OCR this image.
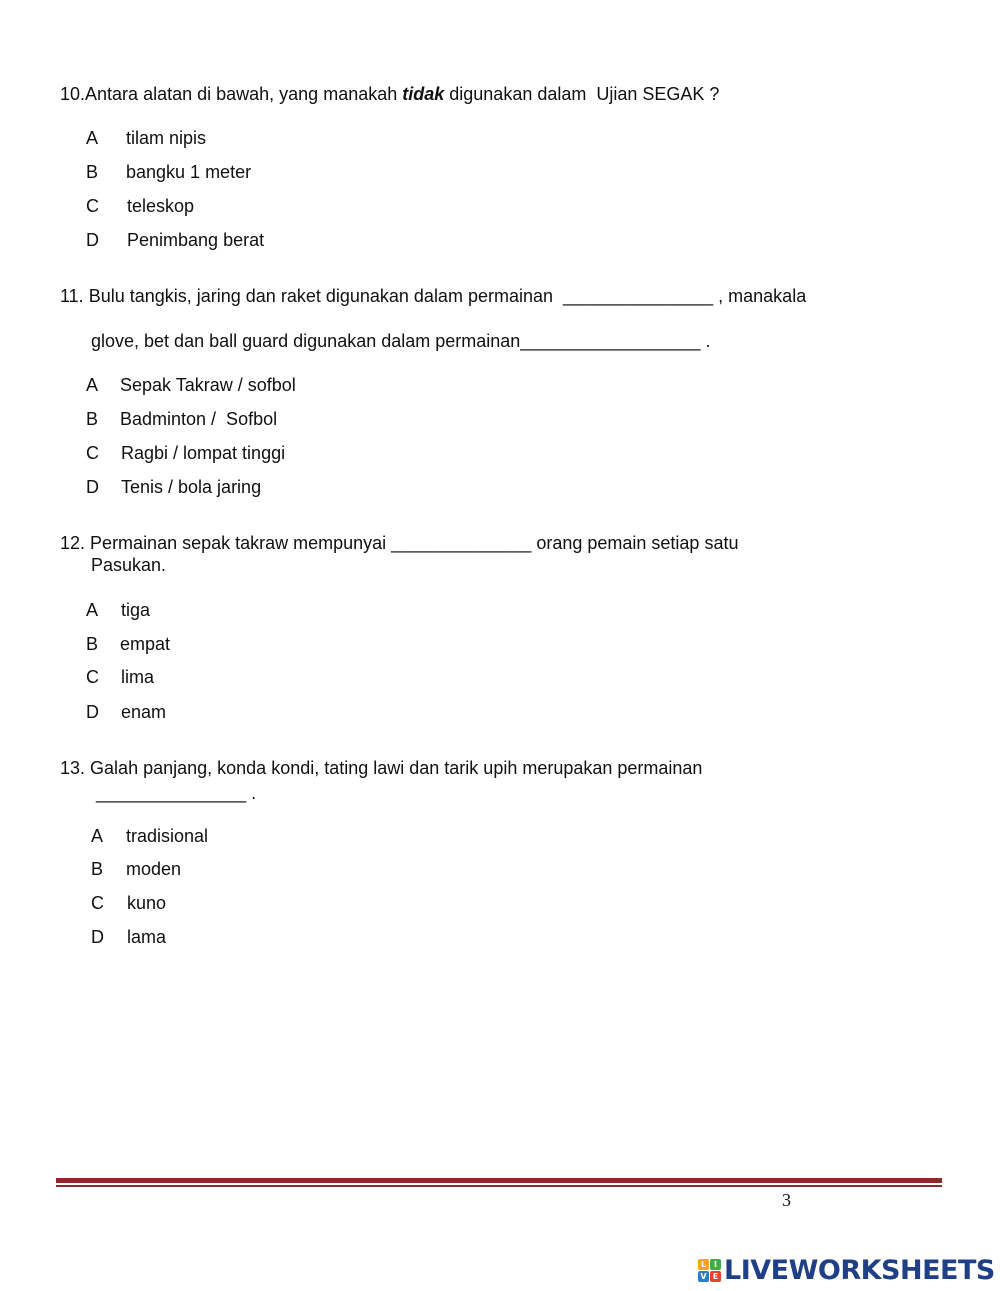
10.Antara alatan di bawah, yang manakah tidak digunakan dalam  Ujian SEGAK ?
A tilam nipis
B bangku 1 meter
C teleskop
D Penimbang berat
11. Bulu tangkis, jaring dan raket digunakan dalam permainan  _______________ , manakala
glove, bet dan ball guard digunakan dalam permainan__________________ .
A Sepak Takraw / sofbol
B Badminton /  Sofbol
C Ragbi / lompat tinggi
D Tenis / bola jaring
12. Permainan sepak takraw mempunyai ______________ orang pemain setiap satu
Pasukan.
A tiga
B empat
C lima
D enam
13. Galah panjang, konda kondi, tating lawi dan tarik upih merupakan permainan
_______________ .
A tradisional
B moden
C kuno
D lama
3
L I
V E LIVEWORKSHEETS
